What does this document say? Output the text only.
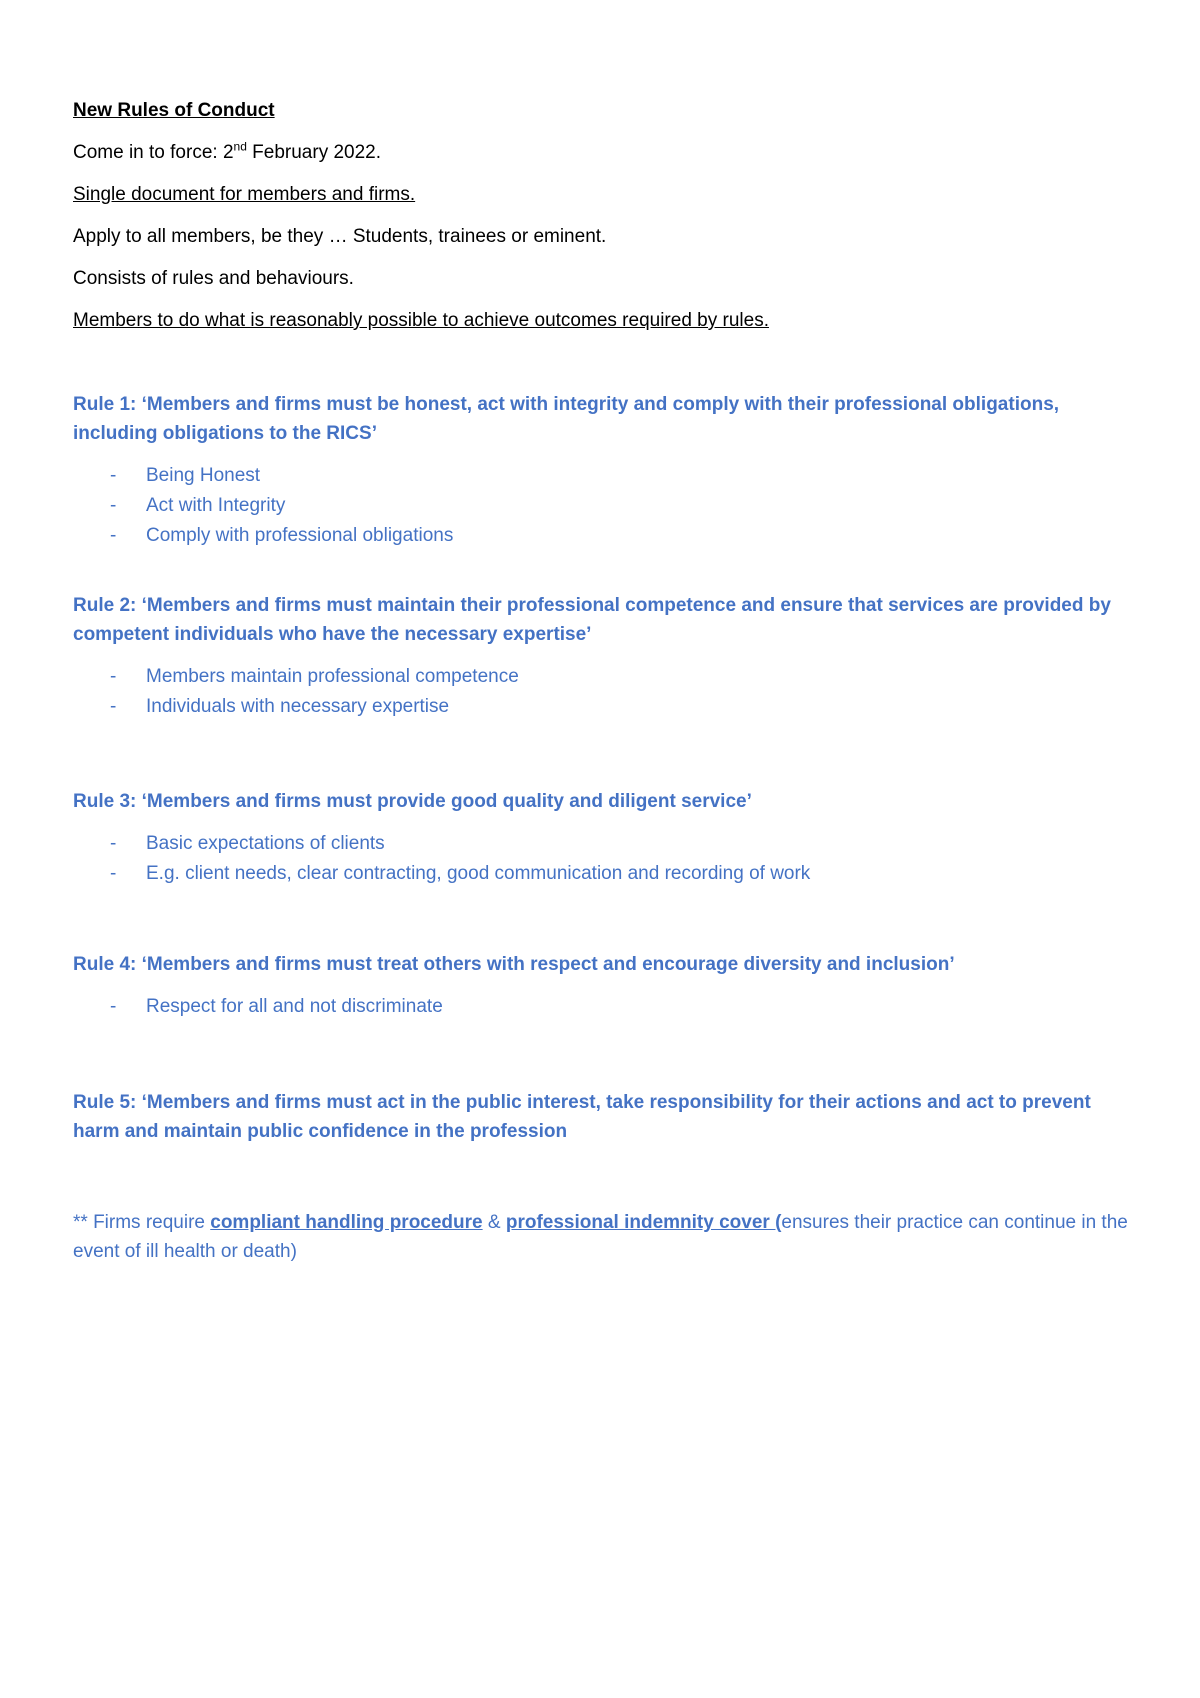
New Rules of Conduct

Come in to force: 2nd February 2022.

Single document for members and firms.

Apply to all members, be they … Students, trainees or eminent.

Consists of rules and behaviours.

Members to do what is reasonably possible to achieve outcomes required by rules.

Rule 1: ‘Members and firms must be honest, act with integrity and comply with their professional obligations, including obligations to the RICS’

- Being Honest
- Act with Integrity
- Comply with professional obligations

Rule 2: ‘Members and firms must maintain their professional competence and ensure that services are provided by competent individuals who have the necessary expertise’

- Members maintain professional competence
- Individuals with necessary expertise

Rule 3: ‘Members and firms must provide good quality and diligent service’

- Basic expectations of clients
- E.g. client needs, clear contracting, good communication and recording of work

Rule 4: ‘Members and firms must treat others with respect and encourage diversity and inclusion’

- Respect for all and not discriminate

Rule 5: ‘Members and firms must act in the public interest, take responsibility for their actions and act to prevent harm and maintain public confidence in the profession

** Firms require compliant handling procedure & professional indemnity cover (ensures their practice can continue in the event of ill health or death)
